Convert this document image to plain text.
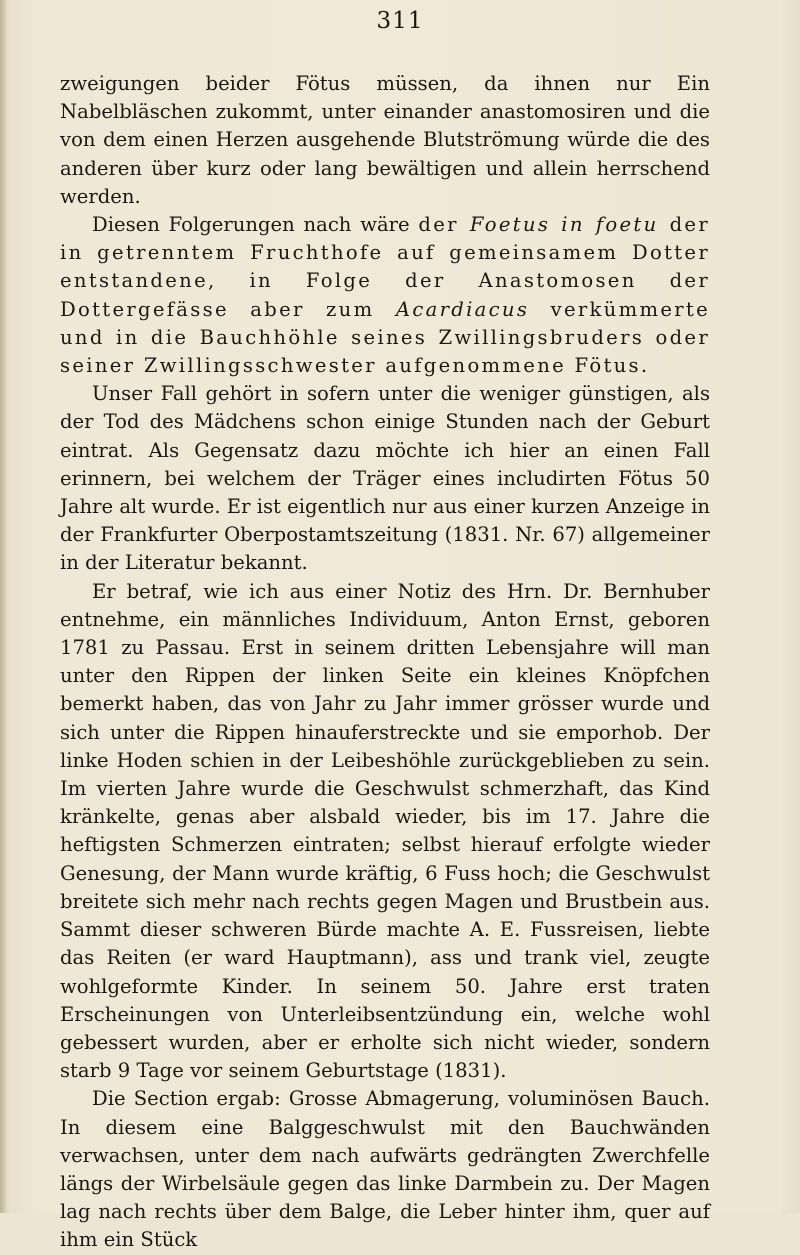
311

zweigungen beider Fötus müssen, da ihnen nur Ein Nabelbläschen zukommt, unter einander anastomosiren und die von dem einen Herzen ausgehende Blutströmung würde die des anderen über kurz oder lang bewältigen und allein herrschend werden.

Diesen Folgerungen nach wäre der Foetus in foetu der in getrenntem Fruchthofe auf gemeinsamem Dotter entstandene, in Folge der Anastomosen der Dottergefässe aber zum Acardiacus verkümmerte und in die Bauchhöhle seines Zwillingsbruders oder seiner Zwillingsschwester aufgenommene Fötus.

Unser Fall gehört in sofern unter die weniger günstigen, als der Tod des Mädchens schon einige Stunden nach der Geburt eintrat. Als Gegensatz dazu möchte ich hier an einen Fall erinnern, bei welchem der Träger eines includirten Fötus 50 Jahre alt wurde. Er ist eigentlich nur aus einer kurzen Anzeige in der Frankfurter Oberpostamtszeitung (1831. Nr. 67) allgemeiner in der Literatur bekannt.

Er betraf, wie ich aus einer Notiz des Hrn. Dr. Bernhuber entnehme, ein männliches Individuum, Anton Ernst, geboren 1781 zu Passau. Erst in seinem dritten Lebensjahre will man unter den Rippen der linken Seite ein kleines Knöpfchen bemerkt haben, das von Jahr zu Jahr immer grösser wurde und sich unter die Rippen hinauferstreckte und sie emporhob. Der linke Hoden schien in der Leibeshöhle zurückgeblieben zu sein. Im vierten Jahre wurde die Geschwulst schmerzhaft, das Kind kränkelte, genas aber alsbald wieder, bis im 17. Jahre die heftigsten Schmerzen eintraten; selbst hierauf erfolgte wieder Genesung, der Mann wurde kräftig, 6 Fuss hoch; die Geschwulst breitete sich mehr nach rechts gegen Magen und Brustbein aus. Sammt dieser schweren Bürde machte A. E. Fussreisen, liebte das Reiten (er ward Hauptmann), ass und trank viel, zeugte wohlgeformte Kinder. In seinem 50. Jahre erst traten Erscheinungen von Unterleibsentzündung ein, welche wohl gebessert wurden, aber er erholte sich nicht wieder, sondern starb 9 Tage vor seinem Geburtstage (1831).

Die Section ergab: Grosse Abmagerung, voluminösen Bauch. In diesem eine Balggeschwulst mit den Bauchwänden verwachsen, unter dem nach aufwärts gedrängten Zwerchfelle längs der Wirbelsäule gegen das linke Darmbein zu. Der Magen lag nach rechts über dem Balge, die Leber hinter ihm, quer auf ihm ein Stück
